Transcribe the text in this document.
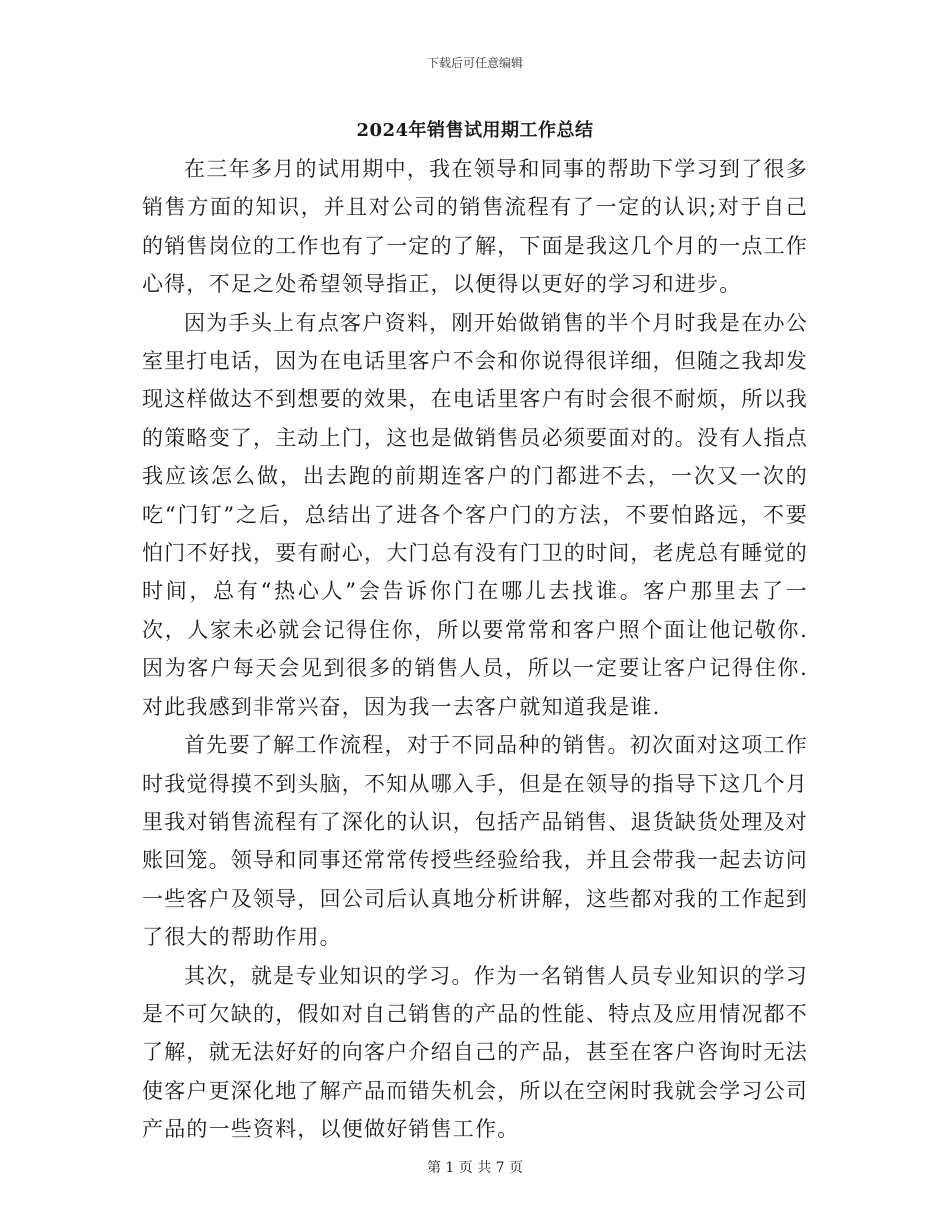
下载后可任意编辑
2024年销售试用期工作总结

在三年多月的试用期中，我在领导和同事的帮助下学习到了很多销售方面的知识，并且对公司的销售流程有了一定的认识;对于自己的销售岗位的工作也有了一定的了解，下面是我这几个月的一点工作心得，不足之处希望领导指正，以便得以更好的学习和进步。

因为手头上有点客户资料，刚开始做销售的半个月时我是在办公室里打电话，因为在电话里客户不会和你说得很详细，但随之我却发现这样做达不到想要的效果，在电话里客户有时会很不耐烦，所以我的策略变了，主动上门，这也是做销售员必须要面对的。没有人指点我应该怎么做，出去跑的前期连客户的门都进不去，一次又一次的吃“门钉”之后，总结出了进各个客户门的方法，不要怕路远，不要怕门不好找，要有耐心，大门总有没有门卫的时间，老虎总有睡觉的时间，总有“热心人”会告诉你门在哪儿去找谁。客户那里去了一次，人家未必就会记得住你，所以要常常和客户照个面让他记敬你.因为客户每天会见到很多的销售人员，所以一定要让客户记得住你.对此我感到非常兴奋，因为我一去客户就知道我是谁.

首先要了解工作流程，对于不同品种的销售。初次面对这项工作时我觉得摸不到头脑，不知从哪入手，但是在领导的指导下这几个月里我对销售流程有了深化的认识，包括产品销售、退货缺货处理及对账回笼。领导和同事还常常传授些经验给我，并且会带我一起去访问一些客户及领导，回公司后认真地分析讲解，这些都对我的工作起到了很大的帮助作用。

其次，就是专业知识的学习。作为一名销售人员专业知识的学习是不可欠缺的，假如对自己销售的产品的性能、特点及应用情况都不了解，就无法好好的向客户介绍自己的产品，甚至在客户咨询时无法使客户更深化地了解产品而错失机会，所以在空闲时我就会学习公司产品的一些资料，以便做好销售工作。

第 1 页 共 7 页
